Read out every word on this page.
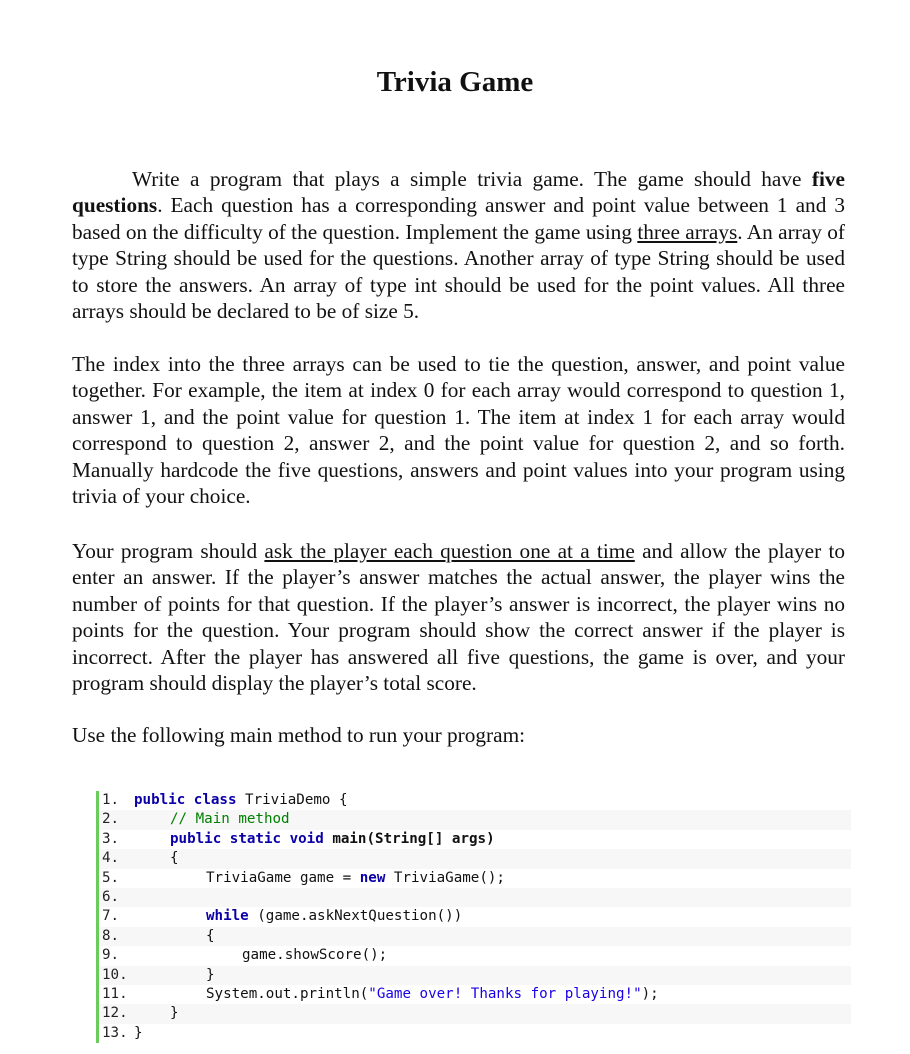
Trivia Game

Write a program that plays a simple trivia game. The game should have five questions. Each question has a corresponding answer and point value between 1 and 3 based on the difficulty of the question. Implement the game using three arrays. An array of type String should be used for the questions. Another array of type String should be used to store the answers. An array of type int should be used for the point values. All three arrays should be declared to be of size 5.

The index into the three arrays can be used to tie the question, answer, and point value together. For example, the item at index 0 for each array would correspond to question 1, answer 1, and the point value for question 1. The item at index 1 for each array would correspond to question 2, answer 2, and the point value for question 2, and so forth. Manually hardcode the five questions, answers and point values into your program using trivia of your choice.

Your program should ask the player each question one at a time and allow the player to enter an answer. If the player’s answer matches the actual answer, the player wins the number of points for that question. If the player’s answer is incorrect, the player wins no points for the question. Your program should show the correct answer if the player is incorrect. After the player has answered all five questions, the game is over, and your program should display the player’s total score.

Use the following main method to run your program:

1.	public
class TriviaDemo {
2.	// Main method
3.	public
static
void
main (String[] args)
4.	{
5.	TriviaGame game = new TriviaGame();
6.
7.	while (game.askNextQuestion())
8.	{
9.	game.showScore();
10.	}
11.	System.out.println( "Game over! Thanks for playing!" );
12.	}
13. }
